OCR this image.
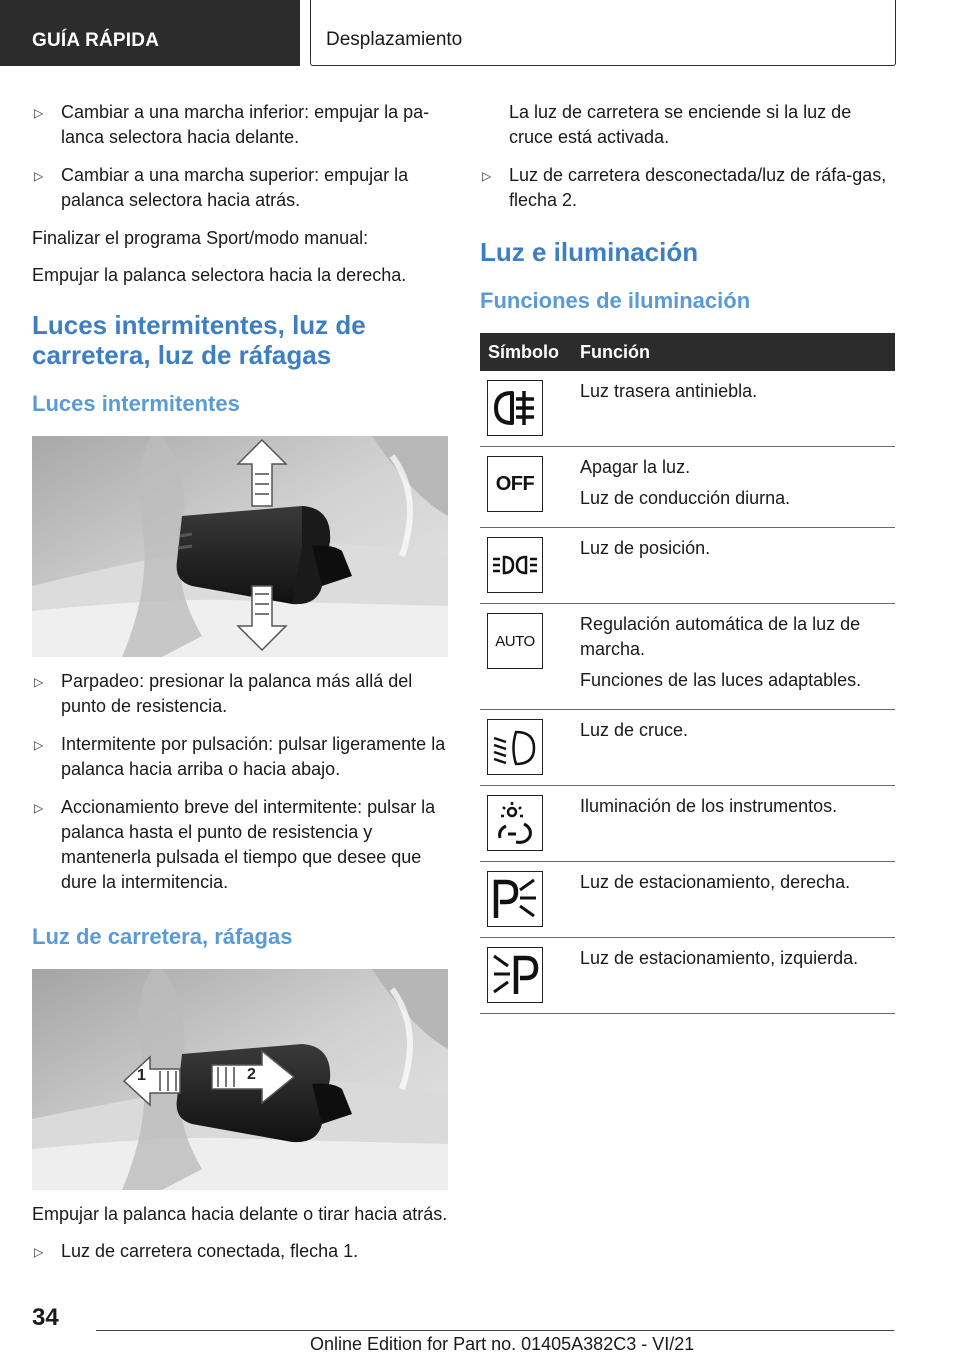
GUÍA RÁPIDA	Desplazamiento
▷ Cambiar a una marcha inferior: empujar la pa-lanca selectora hacia delante.
▷ Cambiar a una marcha superior: empujar la palanca selectora hacia atrás.

Finalizar el programa Sport/modo manual:

Empujar la palanca selectora hacia la derecha.

Luces intermitentes, luz de carretera, luz de ráfagas
Luces intermitentes
▷ Parpadeo: presionar la palanca más allá del punto de resistencia.
▷ Intermitente por pulsación: pulsar ligeramente la palanca hacia arriba o hacia abajo.
▷ Accionamiento breve del intermitente: pulsar la palanca hasta el punto de resistencia y mantenerla pulsada el tiempo que desee que dure la intermitencia.
Luz de carretera, ráfagas
1	2

Empujar la palanca hacia delante o tirar hacia atrás.

▷ Luz de carretera conectada, flecha 1.

La luz de carretera se enciende si la luz de cruce está activada.

▷ Luz de carretera desconectada/luz de ráfa-gas, flecha 2.
Luz e iluminación
Funciones de iluminación
Símbolo Función

Luz trasera antiniebla.

OFF

Apagar la luz.

Luz de conducción diurna.

Luz de posición.

AUTO

Regulación automática de la luz de marcha.

Funciones de las luces adaptables.

Luz de cruce.

Iluminación de los instrumentos.

Luz de estacionamiento, derecha.

Luz de estacionamiento, izquierda.

34
Online Edition for Part no. 01405A382C3 - VI/21
